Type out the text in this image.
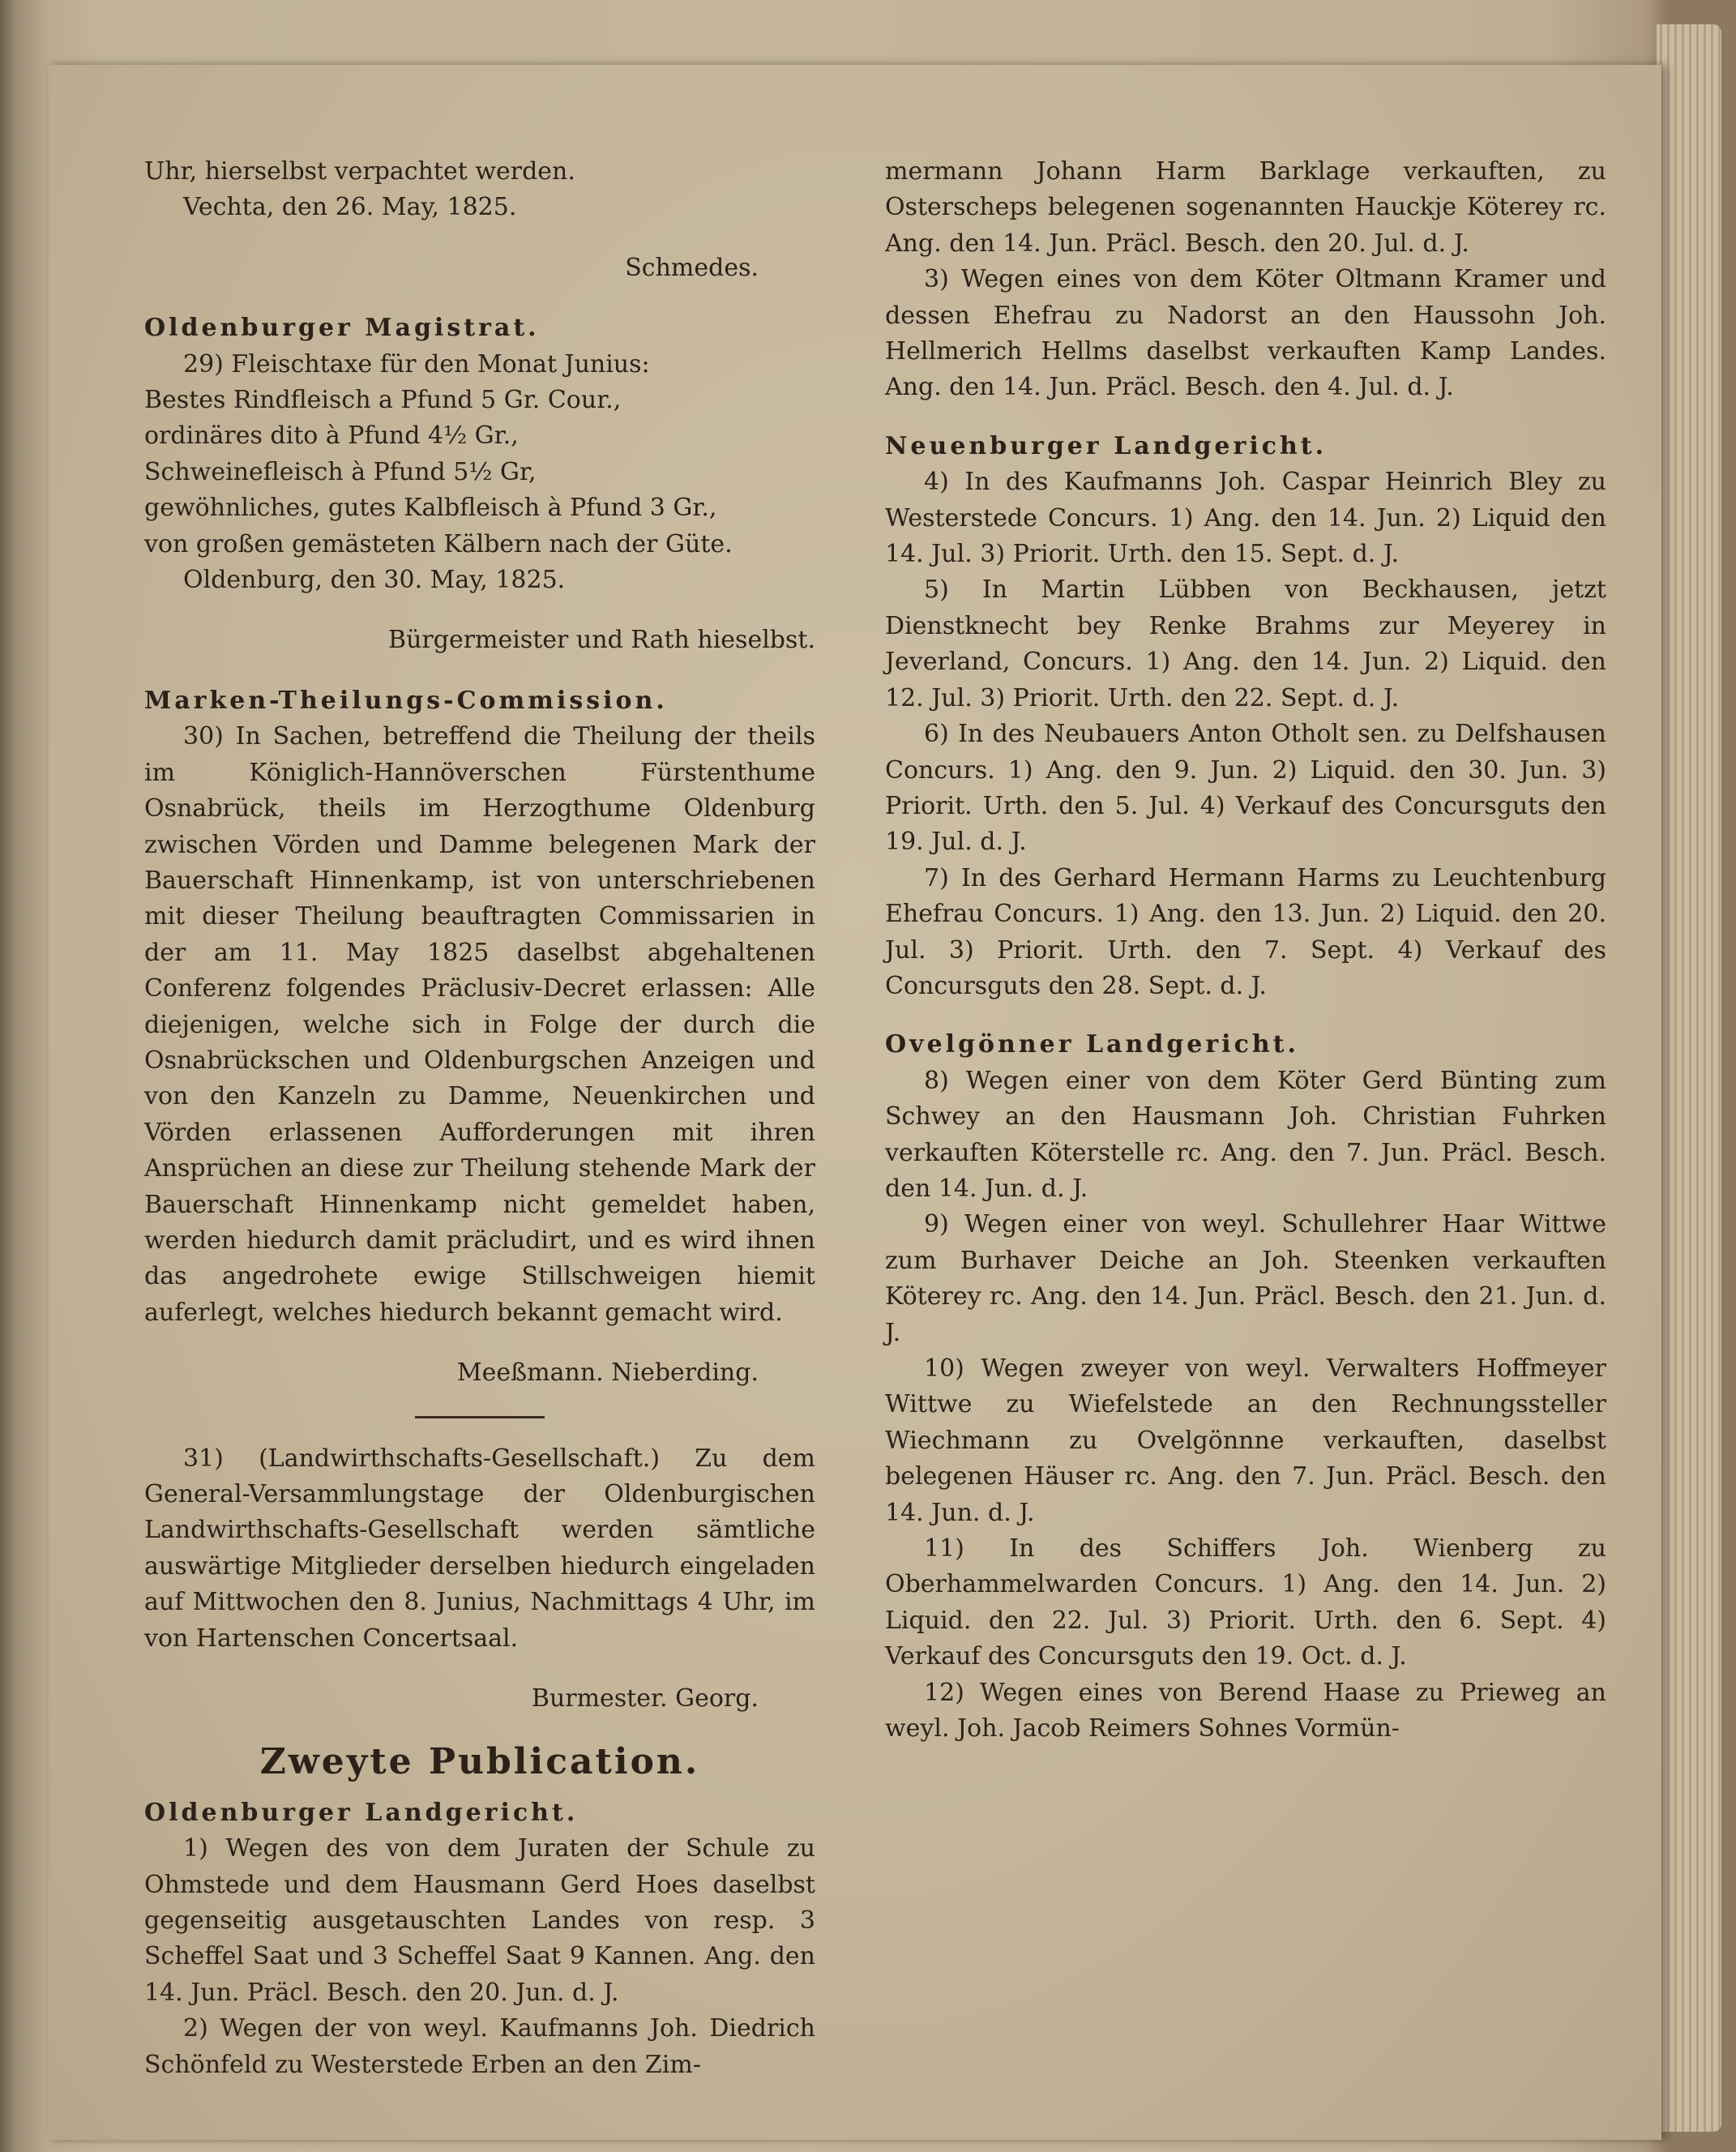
Uhr, hierselbst verpachtet werden.

Vechta, den 26. May, 1825.

Schmedes.

Oldenburger Magistrat.

29) Fleischtaxe für den Monat Junius:

Bestes Rindfleisch a Pfund 5 Gr. Cour.,

ordinäres dito à Pfund 4½ Gr.,

Schweinefleisch à Pfund 5½ Gr,

gewöhnliches, gutes Kalbfleisch à Pfund 3 Gr.,

von großen gemästeten Kälbern nach der Güte.

Oldenburg, den 30. May, 1825.

Bürgermeister und Rath hieselbst.

Marken-Theilungs-Commission.

30) In Sachen, betreffend die Theilung der theils im Königlich-Hannöverschen Fürstenthume Osnabrück, theils im Herzogthume Oldenburg zwischen Vörden und Damme belegenen Mark der Bauerschaft Hinnenkamp, ist von unterschriebenen mit dieser Theilung beauftragten Commissarien in der am 11. May 1825 daselbst abgehaltenen Conferenz folgendes Präclusiv-Decret erlassen: Alle diejenigen, welche sich in Folge der durch die Osnabrückschen und Oldenburgschen Anzeigen und von den Kanzeln zu Damme, Neuenkirchen und Vörden erlassenen Aufforderungen mit ihren Ansprüchen an diese zur Theilung stehende Mark der Bauerschaft Hinnenkamp nicht gemeldet haben, werden hiedurch damit präcludirt, und es wird ihnen das angedrohete ewige Stillschweigen hiemit auferlegt, welches hiedurch bekannt gemacht wird.

Meeßmann. Nieberding.

31) (Landwirthschafts-Gesellschaft.) Zu dem General-Versammlungstage der Oldenburgischen Landwirthschafts-Gesellschaft werden sämtliche auswärtige Mitglieder derselben hiedurch eingeladen auf Mittwochen den 8. Junius, Nachmittags 4 Uhr, im von Hartenschen Concertsaal.

Burmester. Georg.

Zweyte Publication.

Oldenburger Landgericht.

1) Wegen des von dem Juraten der Schule zu Ohmstede und dem Hausmann Gerd Hoes daselbst gegenseitig ausgetauschten Landes von resp. 3 Scheffel Saat und 3 Scheffel Saat 9 Kannen. Ang. den 14. Jun. Präcl. Besch. den 20. Jun. d. J.

2) Wegen der von weyl. Kaufmanns Joh. Diedrich Schönfeld zu Westerstede Erben an den Zim-

mermann Johann Harm Barklage verkauften, zu Osterscheps belegenen sogenannten Hauckje Köterey rc. Ang. den 14. Jun. Präcl. Besch. den 20. Jul. d. J.

3) Wegen eines von dem Köter Oltmann Kramer und dessen Ehefrau zu Nadorst an den Haussohn Joh. Hellmerich Hellms daselbst verkauften Kamp Landes. Ang. den 14. Jun. Präcl. Besch. den 4. Jul. d. J.

Neuenburger Landgericht.

4) In des Kaufmanns Joh. Caspar Heinrich Bley zu Westerstede Concurs. 1) Ang. den 14. Jun. 2) Liquid den 14. Jul. 3) Priorit. Urth. den 15. Sept. d. J.

5) In Martin Lübben von Beckhausen, jetzt Dienstknecht bey Renke Brahms zur Meyerey in Jeverland, Concurs. 1) Ang. den 14. Jun. 2) Liquid. den 12. Jul. 3) Priorit. Urth. den 22. Sept. d. J.

6) In des Neubauers Anton Otholt sen. zu Delfshausen Concurs. 1) Ang. den 9. Jun. 2) Liquid. den 30. Jun. 3) Priorit. Urth. den 5. Jul. 4) Verkauf des Concursguts den 19. Jul. d. J.

7) In des Gerhard Hermann Harms zu Leuchtenburg Ehefrau Concurs. 1) Ang. den 13. Jun. 2) Liquid. den 20. Jul. 3) Priorit. Urth. den 7. Sept. 4) Verkauf des Concursguts den 28. Sept. d. J.

Ovelgönner Landgericht.

8) Wegen einer von dem Köter Gerd Bünting zum Schwey an den Hausmann Joh. Christian Fuhrken verkauften Köterstelle rc. Ang. den 7. Jun. Präcl. Besch. den 14. Jun. d. J.

9) Wegen einer von weyl. Schullehrer Haar Wittwe zum Burhaver Deiche an Joh. Steenken verkauften Köterey rc. Ang. den 14. Jun. Präcl. Besch. den 21. Jun. d. J.

10) Wegen zweyer von weyl. Verwalters Hoffmeyer Wittwe zu Wiefelstede an den Rechnungssteller Wiechmann zu Ovelgönnne verkauften, daselbst belegenen Häuser rc. Ang. den 7. Jun. Präcl. Besch. den 14. Jun. d. J.

11) In des Schiffers Joh. Wienberg zu Oberhammelwarden Concurs. 1) Ang. den 14. Jun. 2) Liquid. den 22. Jul. 3) Priorit. Urth. den 6. Sept. 4) Verkauf des Concursguts den 19. Oct. d. J.

12) Wegen eines von Berend Haase zu Prieweg an weyl. Joh. Jacob Reimers Sohnes Vormün-
